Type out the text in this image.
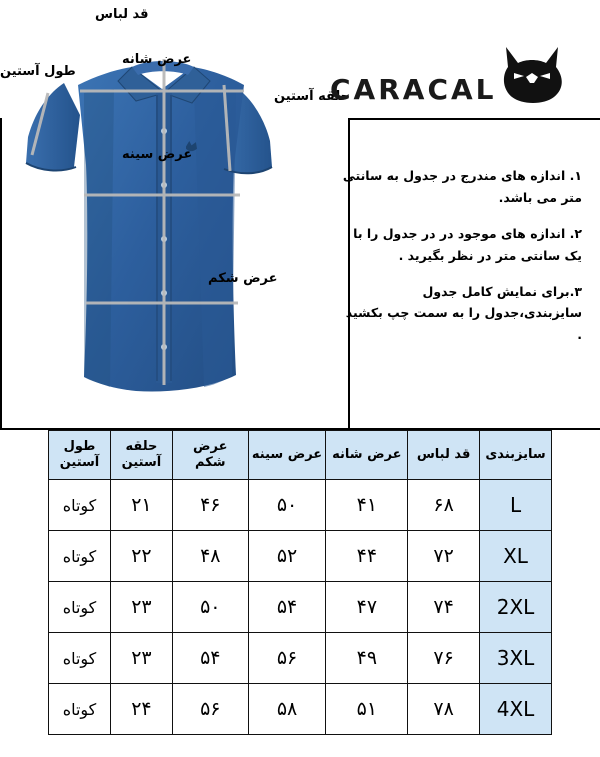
قد لباس
عرض شانه
طول آستین
حلقه آستین
عرض سینه
عرض شکم
CARACAL
۱. اندازه های مندرج در جدول به سانتی متر می باشد.
۲. اندازه های موجود در در جدول را با یک سانتی متر در نظر بگیرید .
۳.برای نمایش کامل جدول سایزبندی،جدول را به سمت چپ بکشید .
سایزبندی	قد لباس	عرض شانه	عرض سینه	عرض شکم	حلقه آستین	طول آستین
L	۶۸	۴۱	۵۰	۴۶	۲۱	کوتاه
XL	۷۲	۴۴	۵۲	۴۸	۲۲	کوتاه
2XL	۷۴	۴۷	۵۴	۵۰	۲۳	کوتاه
3XL	۷۶	۴۹	۵۶	۵۴	۲۳	کوتاه
4XL	۷۸	۵۱	۵۸	۵۶	۲۴	کوتاه
